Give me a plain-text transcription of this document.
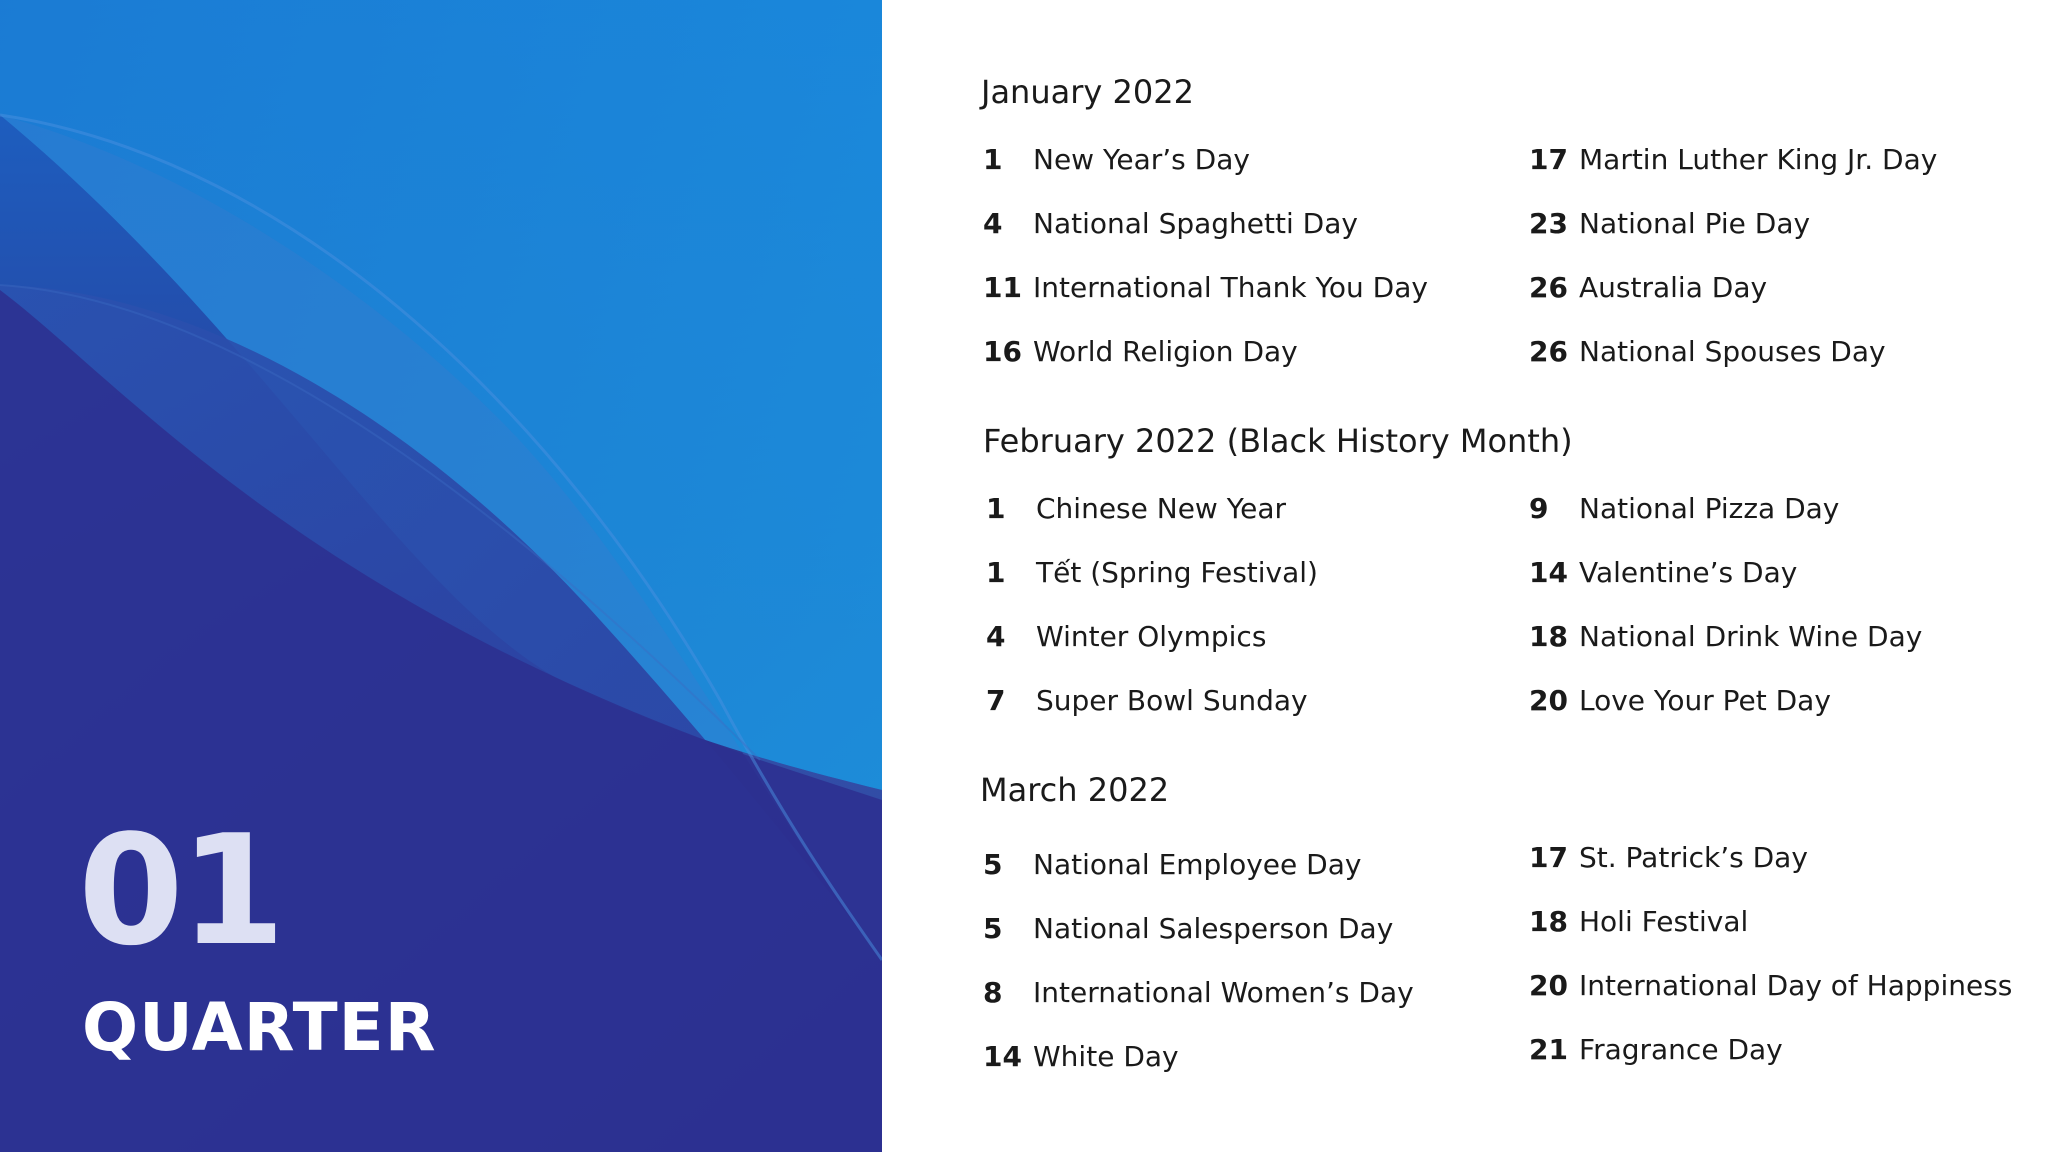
01
QUARTER
January 2022
1 New Year’s Day
4 National Spaghetti Day
11 International Thank You Day
16 World Religion Day
17 Martin Luther King Jr. Day
23 National Pie Day
26 Australia Day
26 National Spouses Day
February 2022 (Black History Month)
1 Chinese New Year
1 Tết (Spring Festival)
4 Winter Olympics
7 Super Bowl Sunday
9 National Pizza Day
14 Valentine’s Day
18 National Drink Wine Day
20 Love Your Pet Day
March 2022
5 National Employee Day
5 National Salesperson Day
8 International Women’s Day
14 White Day
17 St. Patrick’s Day
18 Holi Festival
20 International Day of Happiness
21 Fragrance Day
